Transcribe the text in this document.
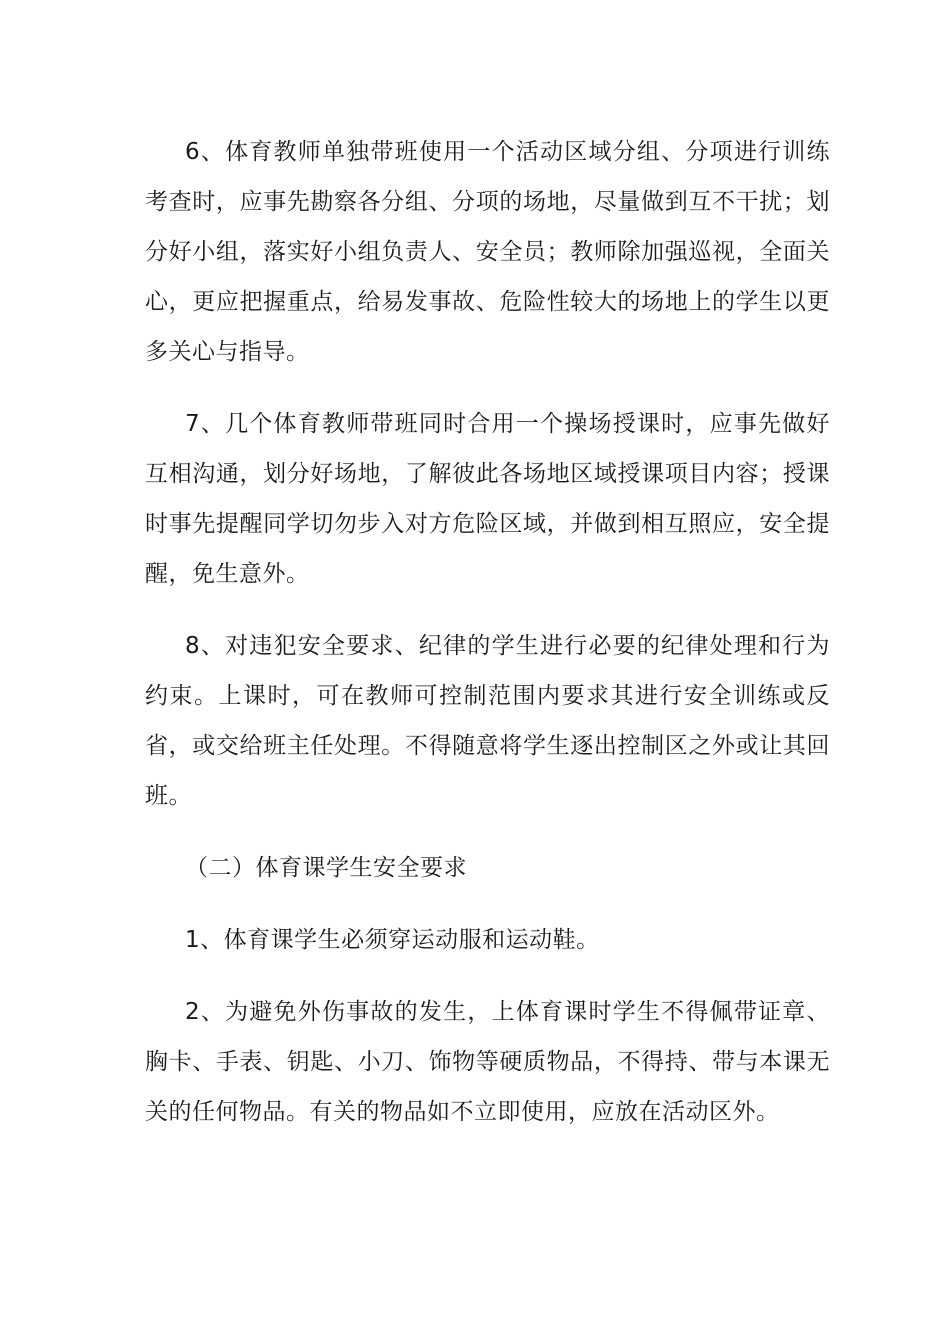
6、体育教师单独带班使用一个活动区域分组、分项进行训练考查时，应事先勘察各分组、分项的场地，尽量做到互不干扰；划分好小组，落实好小组负责人、安全员；教师除加强巡视，全面关心，更应把握重点，给易发事故、危险性较大的场地上的学生以更多关心与指导。

7、几个体育教师带班同时合用一个操场授课时，应事先做好互相沟通，划分好场地，了解彼此各场地区域授课项目内容；授课时事先提醒同学切勿步入对方危险区域，并做到相互照应，安全提醒，免生意外。

8、对违犯安全要求、纪律的学生进行必要的纪律处理和行为约束。上课时，可在教师可控制范围内要求其进行安全训练或反省，或交给班主任处理。不得随意将学生逐出控制区之外或让其回班。

（二）体育课学生安全要求

1、体育课学生必须穿运动服和运动鞋。

2、为避免外伤事故的发生，上体育课时学生不得佩带证章、胸卡、手表、钥匙、小刀、饰物等硬质物品，不得持、带与本课无关的任何物品。有关的物品如不立即使用，应放在活动区外。
